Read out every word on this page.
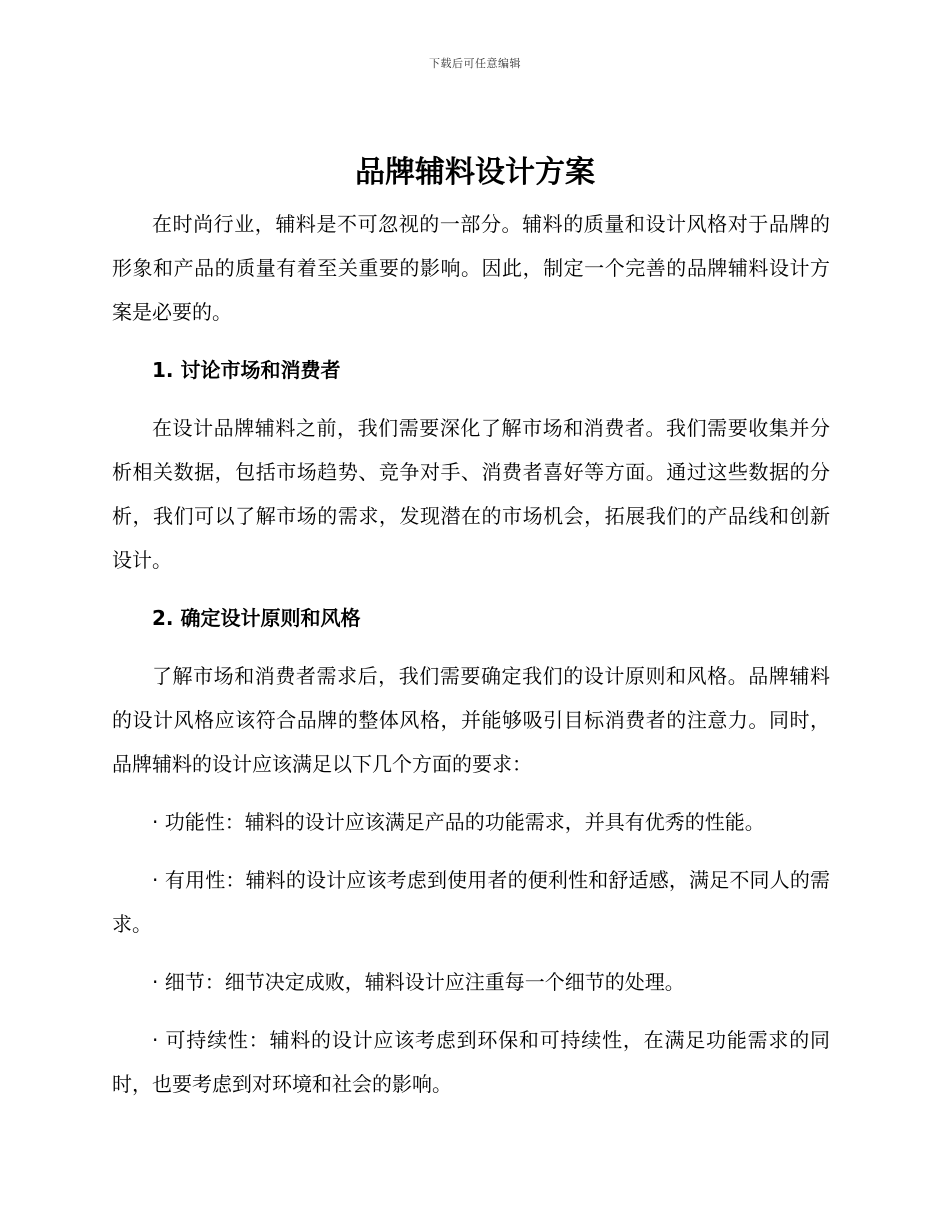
下载后可任意编辑
品牌辅料设计方案

在时尚行业，辅料是不可忽视的一部分。辅料的质量和设计风格对于品牌的形象和产品的质量有着至关重要的影响。因此，制定一个完善的品牌辅料设计方案是必要的。

1. 讨论市场和消费者

在设计品牌辅料之前，我们需要深化了解市场和消费者。我们需要收集并分析相关数据，包括市场趋势、竞争对手、消费者喜好等方面。通过这些数据的分析，我们可以了解市场的需求，发现潜在的市场机会，拓展我们的产品线和创新设计。

2. 确定设计原则和风格

了解市场和消费者需求后，我们需要确定我们的设计原则和风格。品牌辅料的设计风格应该符合品牌的整体风格，并能够吸引目标消费者的注意力。同时，品牌辅料的设计应该满足以下几个方面的要求：

· 功能性：辅料的设计应该满足产品的功能需求，并具有优秀的性能。

· 有用性：辅料的设计应该考虑到使用者的便利性和舒适感，满足不同人的需求。

· 细节：细节决定成败，辅料设计应注重每一个细节的处理。

· 可持续性：辅料的设计应该考虑到环保和可持续性，在满足功能需求的同时，也要考虑到对环境和社会的影响。
